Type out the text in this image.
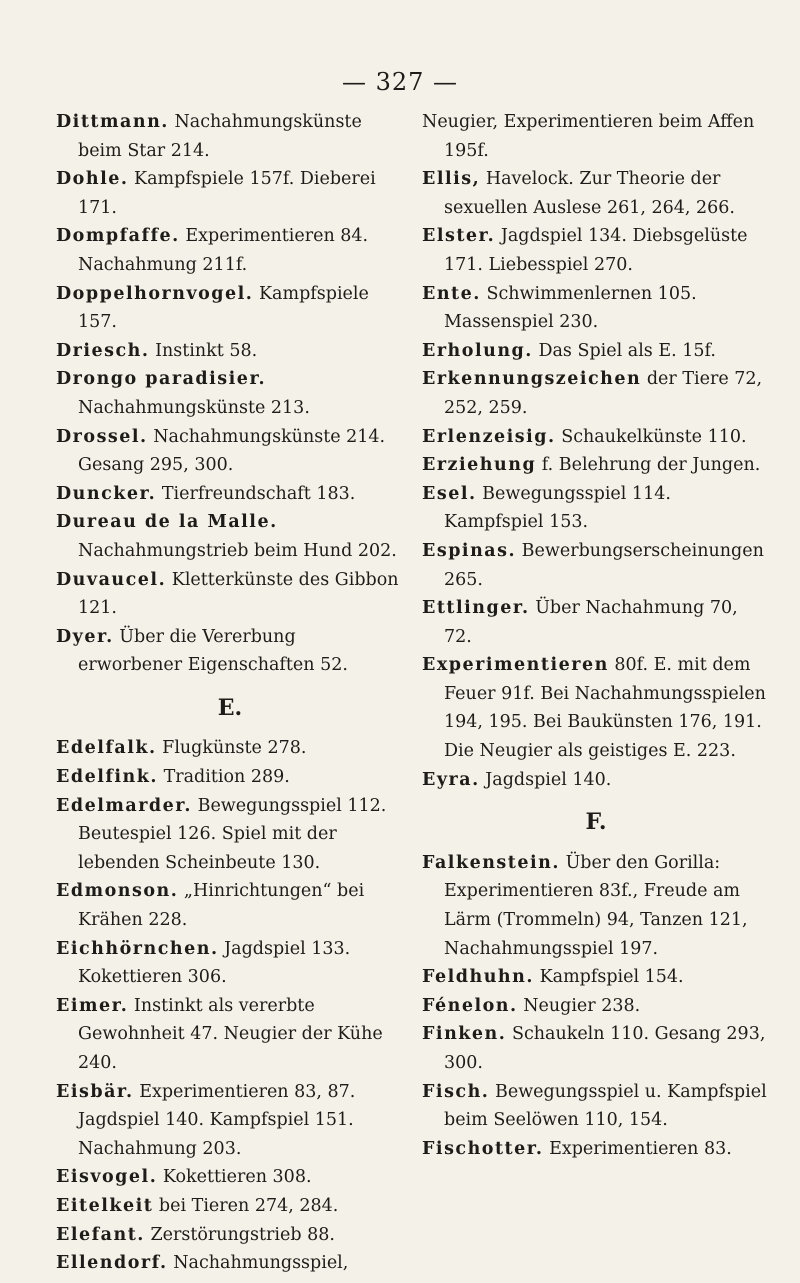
— 327 —

Dittmann. Nachahmungskünste beim Star 214.

Dohle. Kampfspiele 157f. Dieberei 171.

Dompfaffe. Experimentieren 84. Nachahmung 211f.

Doppelhornvogel. Kampfspiele 157.

Driesch. Instinkt 58.

Drongo paradisier. Nachahmungskünste 213.

Drossel. Nachahmungskünste 214. Gesang 295, 300.

Duncker. Tierfreundschaft 183.

Dureau de la Malle. Nachahmungstrieb beim Hund 202.

Duvaucel. Kletterkünste des Gibbon 121.

Dyer. Über die Vererbung erworbener Eigenschaften 52.

E.

Edelfalk. Flugkünste 278.

Edelfink. Tradition 289.

Edelmarder. Bewegungsspiel 112. Beutespiel 126. Spiel mit der lebenden Scheinbeute 130.

Edmonson. „Hinrichtungen“ bei Krähen 228.

Eichhörnchen. Jagdspiel 133. Kokettieren 306.

Eimer. Instinkt als vererbte Gewohnheit 47. Neugier der Kühe 240.

Eisbär. Experimentieren 83, 87. Jagdspiel 140. Kampfspiel 151. Nachahmung 203.

Eisvogel. Kokettieren 308.

Eitelkeit bei Tieren 274, 284.

Elefant. Zerstörungstrieb 88.

Ellendorf. Nachahmungsspiel,

Neugier, Experimentieren beim Affen 195f.

Ellis, Havelock. Zur Theorie der sexuellen Auslese 261, 264, 266.

Elster. Jagdspiel 134. Diebsgelüste 171. Liebesspiel 270.

Ente. Schwimmenlernen 105. Massenspiel 230.

Erholung. Das Spiel als E. 15f.

Erkennungszeichen der Tiere 72, 252, 259.

Erlenzeisig. Schaukelkünste 110.

Erziehung f. Belehrung der Jungen.

Esel. Bewegungsspiel 114. Kampfspiel 153.

Espinas. Bewerbungserscheinungen 265.

Ettlinger. Über Nachahmung 70, 72.

Experimentieren 80f. E. mit dem Feuer 91f. Bei Nachahmungsspielen 194, 195. Bei Baukünsten 176, 191. Die Neugier als geistiges E. 223.

Eyra. Jagdspiel 140.

F.

Falkenstein. Über den Gorilla: Experimentieren 83f., Freude am Lärm (Trommeln) 94, Tanzen 121, Nachahmungsspiel 197.

Feldhuhn. Kampfspiel 154.

Fénelon. Neugier 238.

Finken. Schaukeln 110. Gesang 293, 300.

Fisch. Bewegungsspiel u. Kampfspiel beim Seelöwen 110, 154.

Fischotter. Experimentieren 83.
